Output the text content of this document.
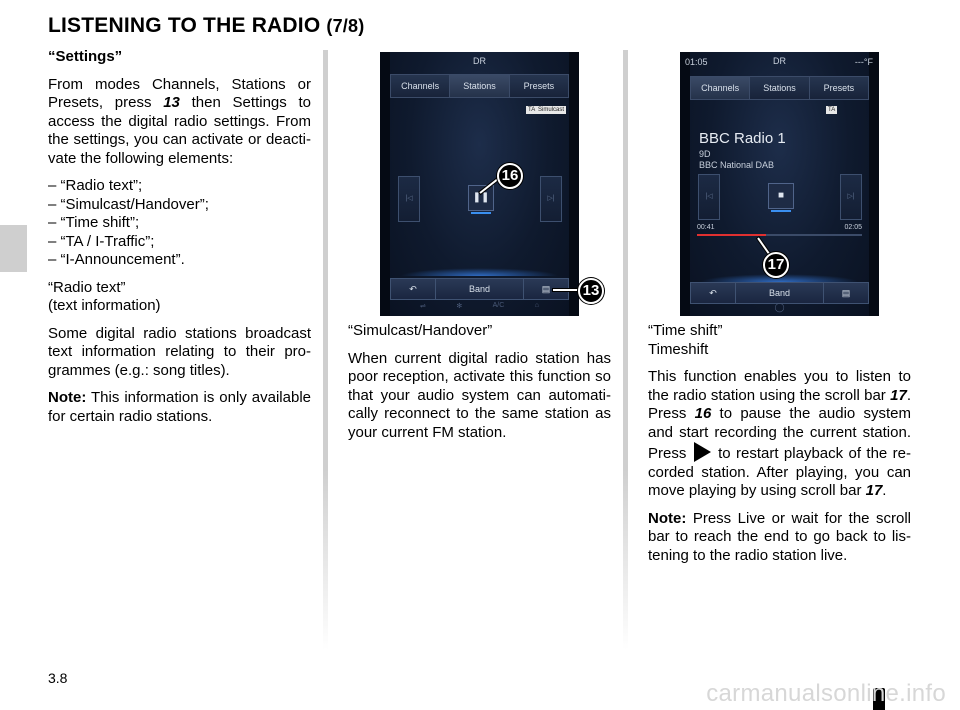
LISTENING TO THE RADIO (7/8)

“Settings”

From modes Channels, Stations or Presets, press 13 then Settings to access the digital radio settings. From the settings, you can activate or deacti-vate the following elements:

– “Radio text”;
– “Simulcast/Handover”;
– “Time shift”;
– “TA / I-Traffic”;
– “I-Announcement”.

“Radio text”

(text information)

Some digital radio stations broadcast text information relating to their pro-grammes (e.g.: song titles).

Note: This information is only available for certain radio stations.

DR
Channels	Stations	Presets
TA Simulcast
|◁	❚❚	▷|
↶	Band	▤
⇌	✻	A/C	⌂
16
13

“Simulcast/Handover”

When current digital radio station has poor reception, activate this function so that your audio system can automati-cally reconnect to the same station as your current FM station.

01:05	DR	---°F
Channels	Stations	Presets
TA
BBC Radio 1
9D
BBC National DAB
|◁	■	▷|
00:41	02:05
↶	Band	▤
◯
17

“Time shift”

Timeshift

This function enables you to listen to the radio station using the scroll bar 17. Press 16 to pause the audio system and start recording the current station. Press  to restart playback of the re-corded station. After playing, you can move playing by using scroll bar 17.

Note: Press Live or wait for the scroll bar to reach the end to go back to lis-tening to the radio station live.

3.8
carmanualsonline.info
